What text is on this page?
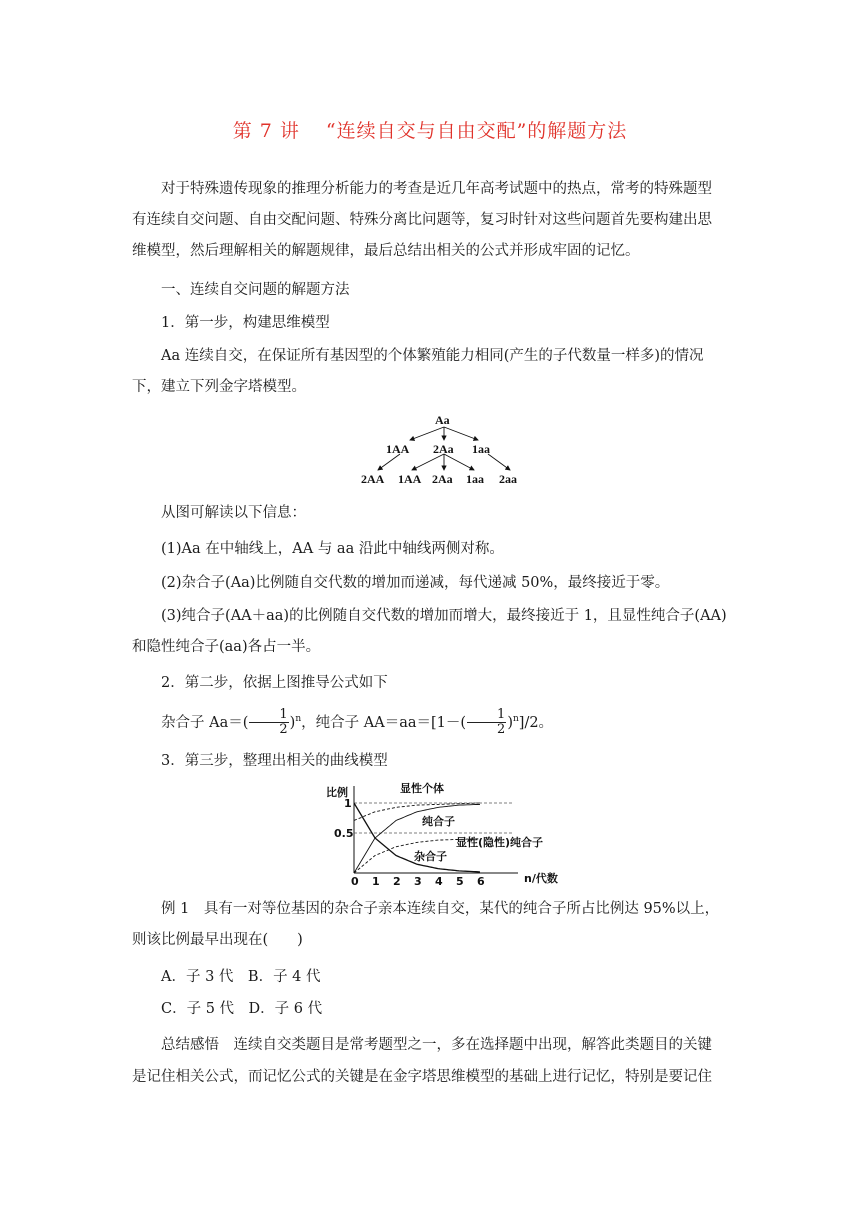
第 7 讲 “连续自交与自由交配”的解题方法
对于特殊遗传现象的推理分析能力的考查是近几年高考试题中的热点，常考的特殊题型
有连续自交问题、自由交配问题、特殊分离比问题等，复习时针对这些问题首先要构建出思
维模型，然后理解相关的解题规律，最后总结出相关的公式并形成牢固的记忆。
一、连续自交问题的解题方法
1．第一步，构建思维模型
Aa 连续自交，在保证所有基因型的个体繁殖能力相同(产生的子代数量一样多)的情况
下，建立下列金字塔模型。
Aa
1AA 2Aa 1aa
2AA 1AA 2Aa 1aa 2aa
从图可解读以下信息：
(1)Aa 在中轴线上，AA 与 aa 沿此中轴线两侧对称。
(2)杂合子(Aa)比例随自交代数的增加而递减，每代递减 50%，最终接近于零。
(3)纯合子(AA＋aa)的比例随自交代数的增加而增大，最终接近于 1，且显性纯合子(AA)
和隐性纯合子(aa)各占一半。
2．第二步，依据上图推导公式如下
杂合子 $Aa=( \frac{1}{2} )^n$，纯合子 $AA=aa=[1-( \frac{1}{2} )^n]/2$。
3．第三步，整理出相关的曲线模型
比例
n/代数
1
0.5
0 1 2 3 4 5 6
显性个体
纯合子
显性(隐性)纯合子
杂合子
例 1　具有一对等位基因的杂合子亲本连续自交，某代的纯合子所占比例达 95%以上，
则该比例最早出现在(　　)
A．子 3 代　B．子 4 代
C．子 5 代　D．子 6 代
总结感悟　连续自交类题目是常考题型之一，多在选择题中出现，解答此类题目的关键
是记住相关公式，而记忆公式的关键是在金字塔思维模型的基础上进行记忆，特别是要记住
